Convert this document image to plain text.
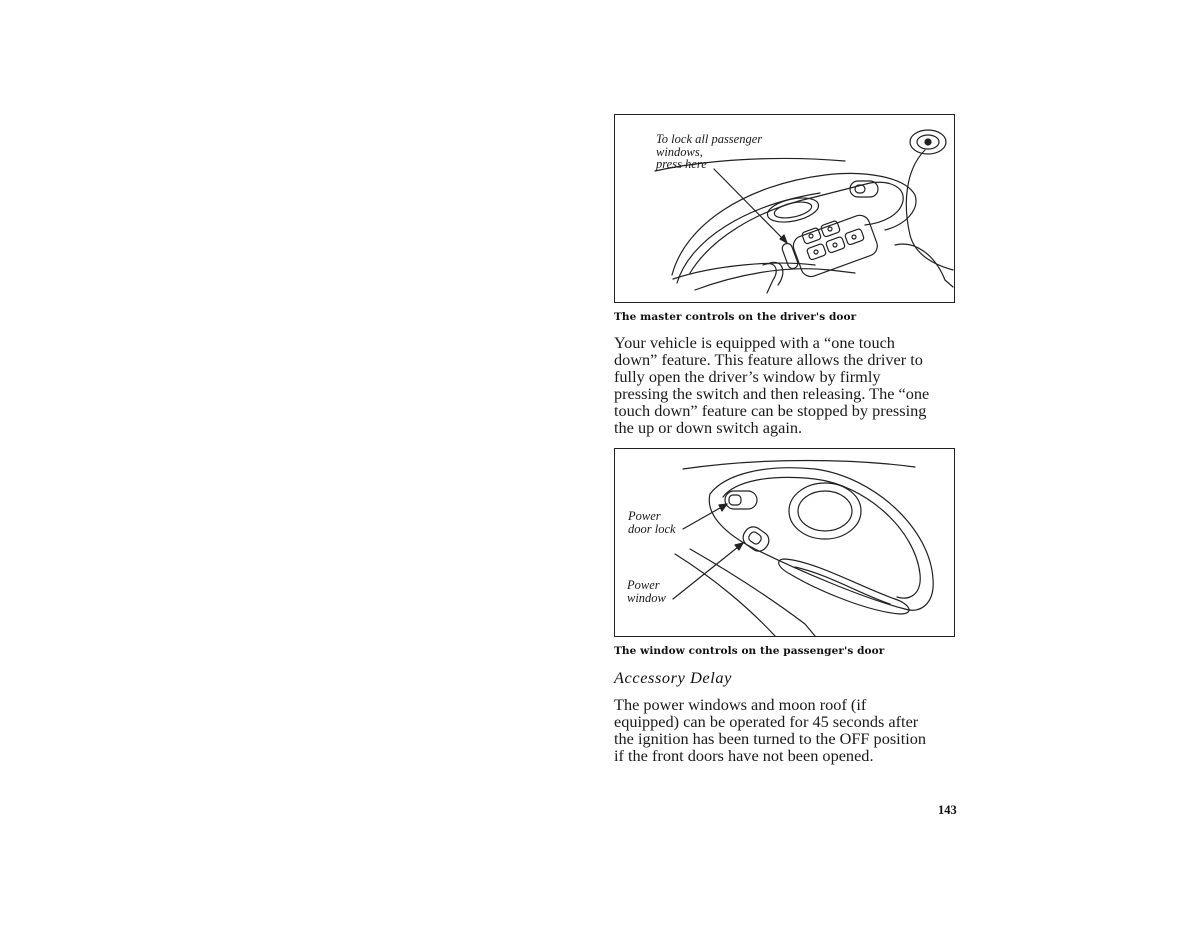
To lock all passenger
windows,
press here
The master controls on the driver's door
Your vehicle is equipped with a “one touch
down” feature. This feature allows the driver to
fully open the driver’s window by firmly
pressing the switch and then releasing. The “one
touch down” feature can be stopped by pressing
the up or down switch again.
Power
door lock
Power
window
The window controls on the passenger's door
Accessory Delay
The power windows and moon roof (if
equipped) can be operated for 45 seconds after
the ignition has been turned to the OFF position
if the front doors have not been opened.
143
